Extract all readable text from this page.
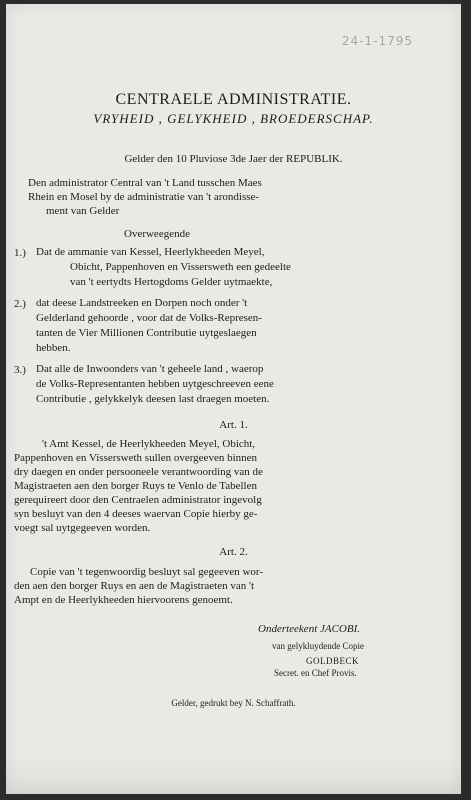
24-1-1795
CENTRAELE ADMINISTRATIE.
VRYHEID , GELYKHEID , BROEDERSCHAP.
Gelder den 10 Pluviose 3de Jaer der REPUBLIK.
Den administrator Central van 't Land tusschen Maes
Rhein en Mosel by de administratie van 't arondisse-
ment van Gelder
Overweegende
1.) Dat de ammanie van Kessel, Heerlykheeden Meyel,
Obicht, Pappenhoven en Vissersweth een gedeelte
van 't eertydts Hertogdoms Gelder uytmaekte,
2.) dat deese Landstreeken en Dorpen noch onder 't
Gelderland gehoorde , voor dat de Volks-Represen-
tanten de Vier Millionen Contributie uytgeslaegen
hebben.
3.) Dat alle de Inwoonders van 't geheele land , waerop
de Volks-Representanten hebben uytgeschreeven eene
Contributie , gelykkelyk deesen last draegen moeten.
Art. 1.
't Amt Kessel, de Heerlykheeden Meyel, Obicht,
Pappenhoven en Vissersweth sullen overgeeven binnen
dry daegen en onder persooneele verantwoording van de
Magistraeten aen den borger Ruys te Venlo de Tabellen
gerequireert door den Centraelen administrator ingevolg
syn besluyt van den 4 deeses waervan Copie hierby ge-
voegt sal uytgegeeven worden.
Art. 2.
Copie van 't tegenwoordig besluyt sal gegeeven wor-
den aen den borger Ruys en aen de Magistraeten van 't
Ampt en de Heerlykheeden hiervoorens genoemt.
Onderteekent JACOBI.
van gelykluydende Copie
GOLDBECK
Secret. en Chef Provis.
Gelder, gedrukt bey N. Schaffrath.
